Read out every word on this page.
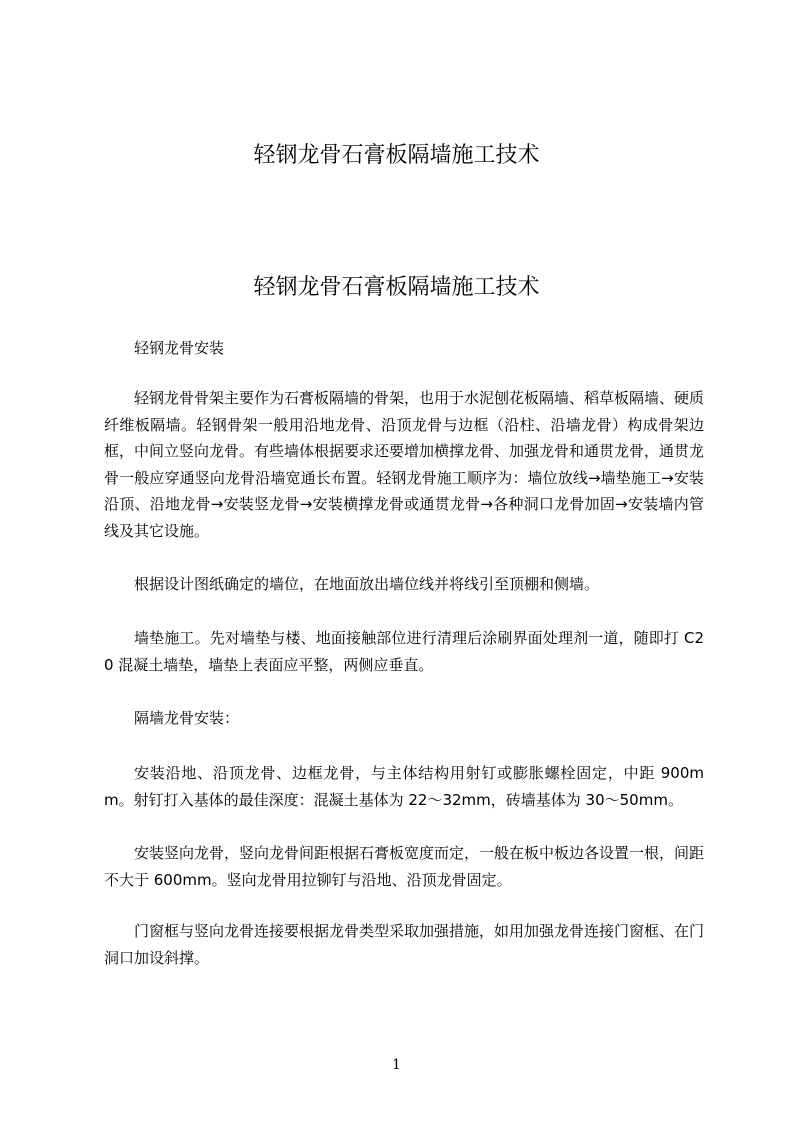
轻钢龙骨石膏板隔墙施工技术
轻钢龙骨石膏板隔墙施工技术

轻钢龙骨安装

轻钢龙骨骨架主要作为石膏板隔墙的骨架，也用于水泥刨花板隔墙、稻草板隔墙、硬质纤维板隔墙。轻钢骨架一般用沿地龙骨、沿顶龙骨与边框（沿柱、沿墙龙骨）构成骨架边框，中间立竖向龙骨。有些墙体根据要求还要增加横撑龙骨、加强龙骨和通贯龙骨，通贯龙骨一般应穿通竖向龙骨沿墙宽通长布置。轻钢龙骨施工顺序为：墙位放线→墙垫施工→安装沿顶、沿地龙骨→安装竖龙骨→安装横撑龙骨或通贯龙骨→各种洞口龙骨加固→安装墙内管线及其它设施。

根据设计图纸确定的墙位，在地面放出墙位线并将线引至顶棚和侧墙。

墙垫施工。先对墙垫与楼、地面接触部位进行清理后涂刷界面处理剂一道，随即打 C20 混凝土墙垫，墙垫上表面应平整，两侧应垂直。

隔墙龙骨安装：

安装沿地、沿顶龙骨、边框龙骨，与主体结构用射钉或膨胀螺栓固定，中距 900mm。射钉打入基体的最佳深度：混凝土基体为 22～32mm，砖墙基体为 30～50mm。

安装竖向龙骨，竖向龙骨间距根据石膏板宽度而定，一般在板中板边各设置一根，间距不大于 600mm。竖向龙骨用拉铆钉与沿地、沿顶龙骨固定。

门窗框与竖向龙骨连接要根据龙骨类型采取加强措施，如用加强龙骨连接门窗框、在门洞口加设斜撑。

1
